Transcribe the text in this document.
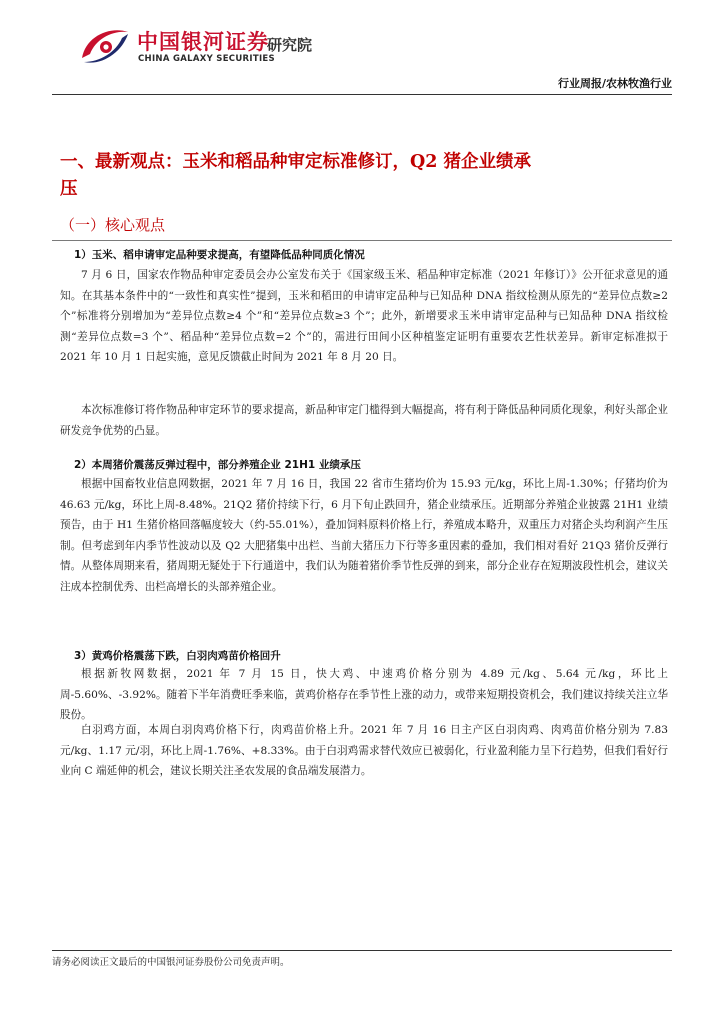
中国银河证券
CHINA GALAXY SECURITIES
研究院
行业周报/农林牧渔行业
一、最新观点：玉米和稻品种审定标准修订，Q2 猪企业绩承压
（一）核心观点
1）玉米、稻申请审定品种要求提高，有望降低品种同质化情况
7 月 6 日，国家农作物品种审定委员会办公室发布关于《国家级玉米、稻品种审定标准（2021 年修订）》公开征求意见的通知。在其基本条件中的“一致性和真实性”提到，玉米和稻田的申请审定品种与已知品种 DNA 指纹检测从原先的“差异位点数≥2 个”标准将分别增加为“差异位点数≥4 个”和“差异位点数≥3 个”；此外，新增要求玉米申请审定品种与已知品种 DNA 指纹检测“差异位点数=3 个”、稻品种“差异位点数=2 个”的，需进行田间小区种植鉴定证明有重要农艺性状差异。新审定标准拟于 2021 年 10 月 1 日起实施，意见反馈截止时间为 2021 年 8 月 20 日。
本次标准修订将作物品种审定环节的要求提高，新品种审定门槛得到大幅提高，将有利于降低品种同质化现象，利好头部企业研发竞争优势的凸显。
2）本周猪价震荡反弹过程中，部分养殖企业 21H1 业绩承压
根据中国畜牧业信息网数据，2021 年 7 月 16 日，我国 22 省市生猪均价为 15.93 元/kg，环比上周-1.30%；仔猪均价为 46.63 元/kg，环比上周-8.48%。21Q2 猪价持续下行，6 月下旬止跌回升，猪企业绩承压。近期部分养殖企业披露 21H1 业绩预告，由于 H1 生猪价格回落幅度较大（约-55.01%），叠加饲料原料价格上行，养殖成本略升，双重压力对猪企头均利润产生压制。但考虑到年内季节性波动以及 Q2 大肥猪集中出栏、当前大猪压力下行等多重因素的叠加，我们相对看好 21Q3 猪价反弹行情。从整体周期来看，猪周期无疑处于下行通道中，我们认为随着猪价季节性反弹的到来，部分企业存在短期波段性机会，建议关注成本控制优秀、出栏高增长的头部养殖企业。
3）黄鸡价格震荡下跌，白羽肉鸡苗价格回升
根据新牧网数据，2021 年 7 月 15 日，快大鸡、中速鸡价格分别为 4.89 元/kg、5.64 元/kg，环比上周-5.60%、-3.92%。随着下半年消费旺季来临，黄鸡价格存在季节性上涨的动力，或带来短期投资机会，我们建议持续关注立华股份。
白羽鸡方面，本周白羽肉鸡价格下行，肉鸡苗价格上升。2021 年 7 月 16 日主产区白羽肉鸡、肉鸡苗价格分别为 7.83 元/kg、1.17 元/羽，环比上周-1.76%、+8.33%。由于白羽鸡需求替代效应已被弱化，行业盈利能力呈下行趋势，但我们看好行业向 C 端延伸的机会，建议长期关注圣农发展的食品端发展潜力。
请务必阅读正文最后的中国银河证券股份公司免责声明。
